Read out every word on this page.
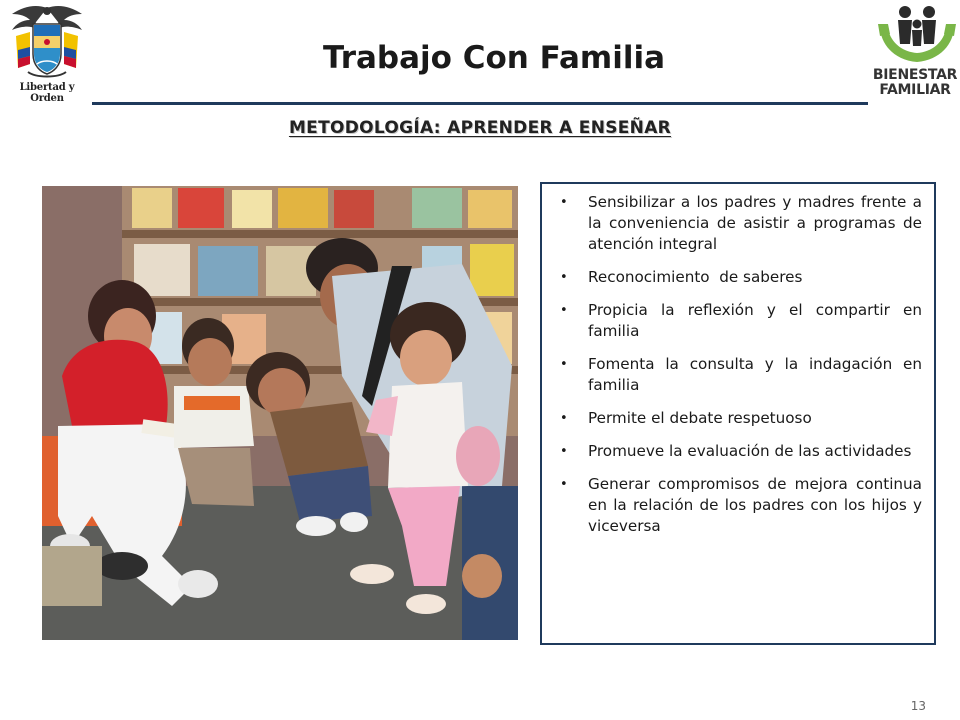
Libertad y Orden
Trabajo Con Familia	BIENESTAR
FAMILIAR
METODOLOGÍA: APRENDER A ENSEÑAR
• Sensibilizar a los padres y madres frente a la conveniencia de asistir a programas de atención integral
• Reconocimiento  de saberes
• Propicia la reflexión y el compartir en familia
• Fomenta la consulta y la indagación en familia
• Permite el debate respetuoso
• Promueve la evaluación de las actividades
• Generar compromisos de mejora continua en la relación de los padres con los hijos y viceversa
13
